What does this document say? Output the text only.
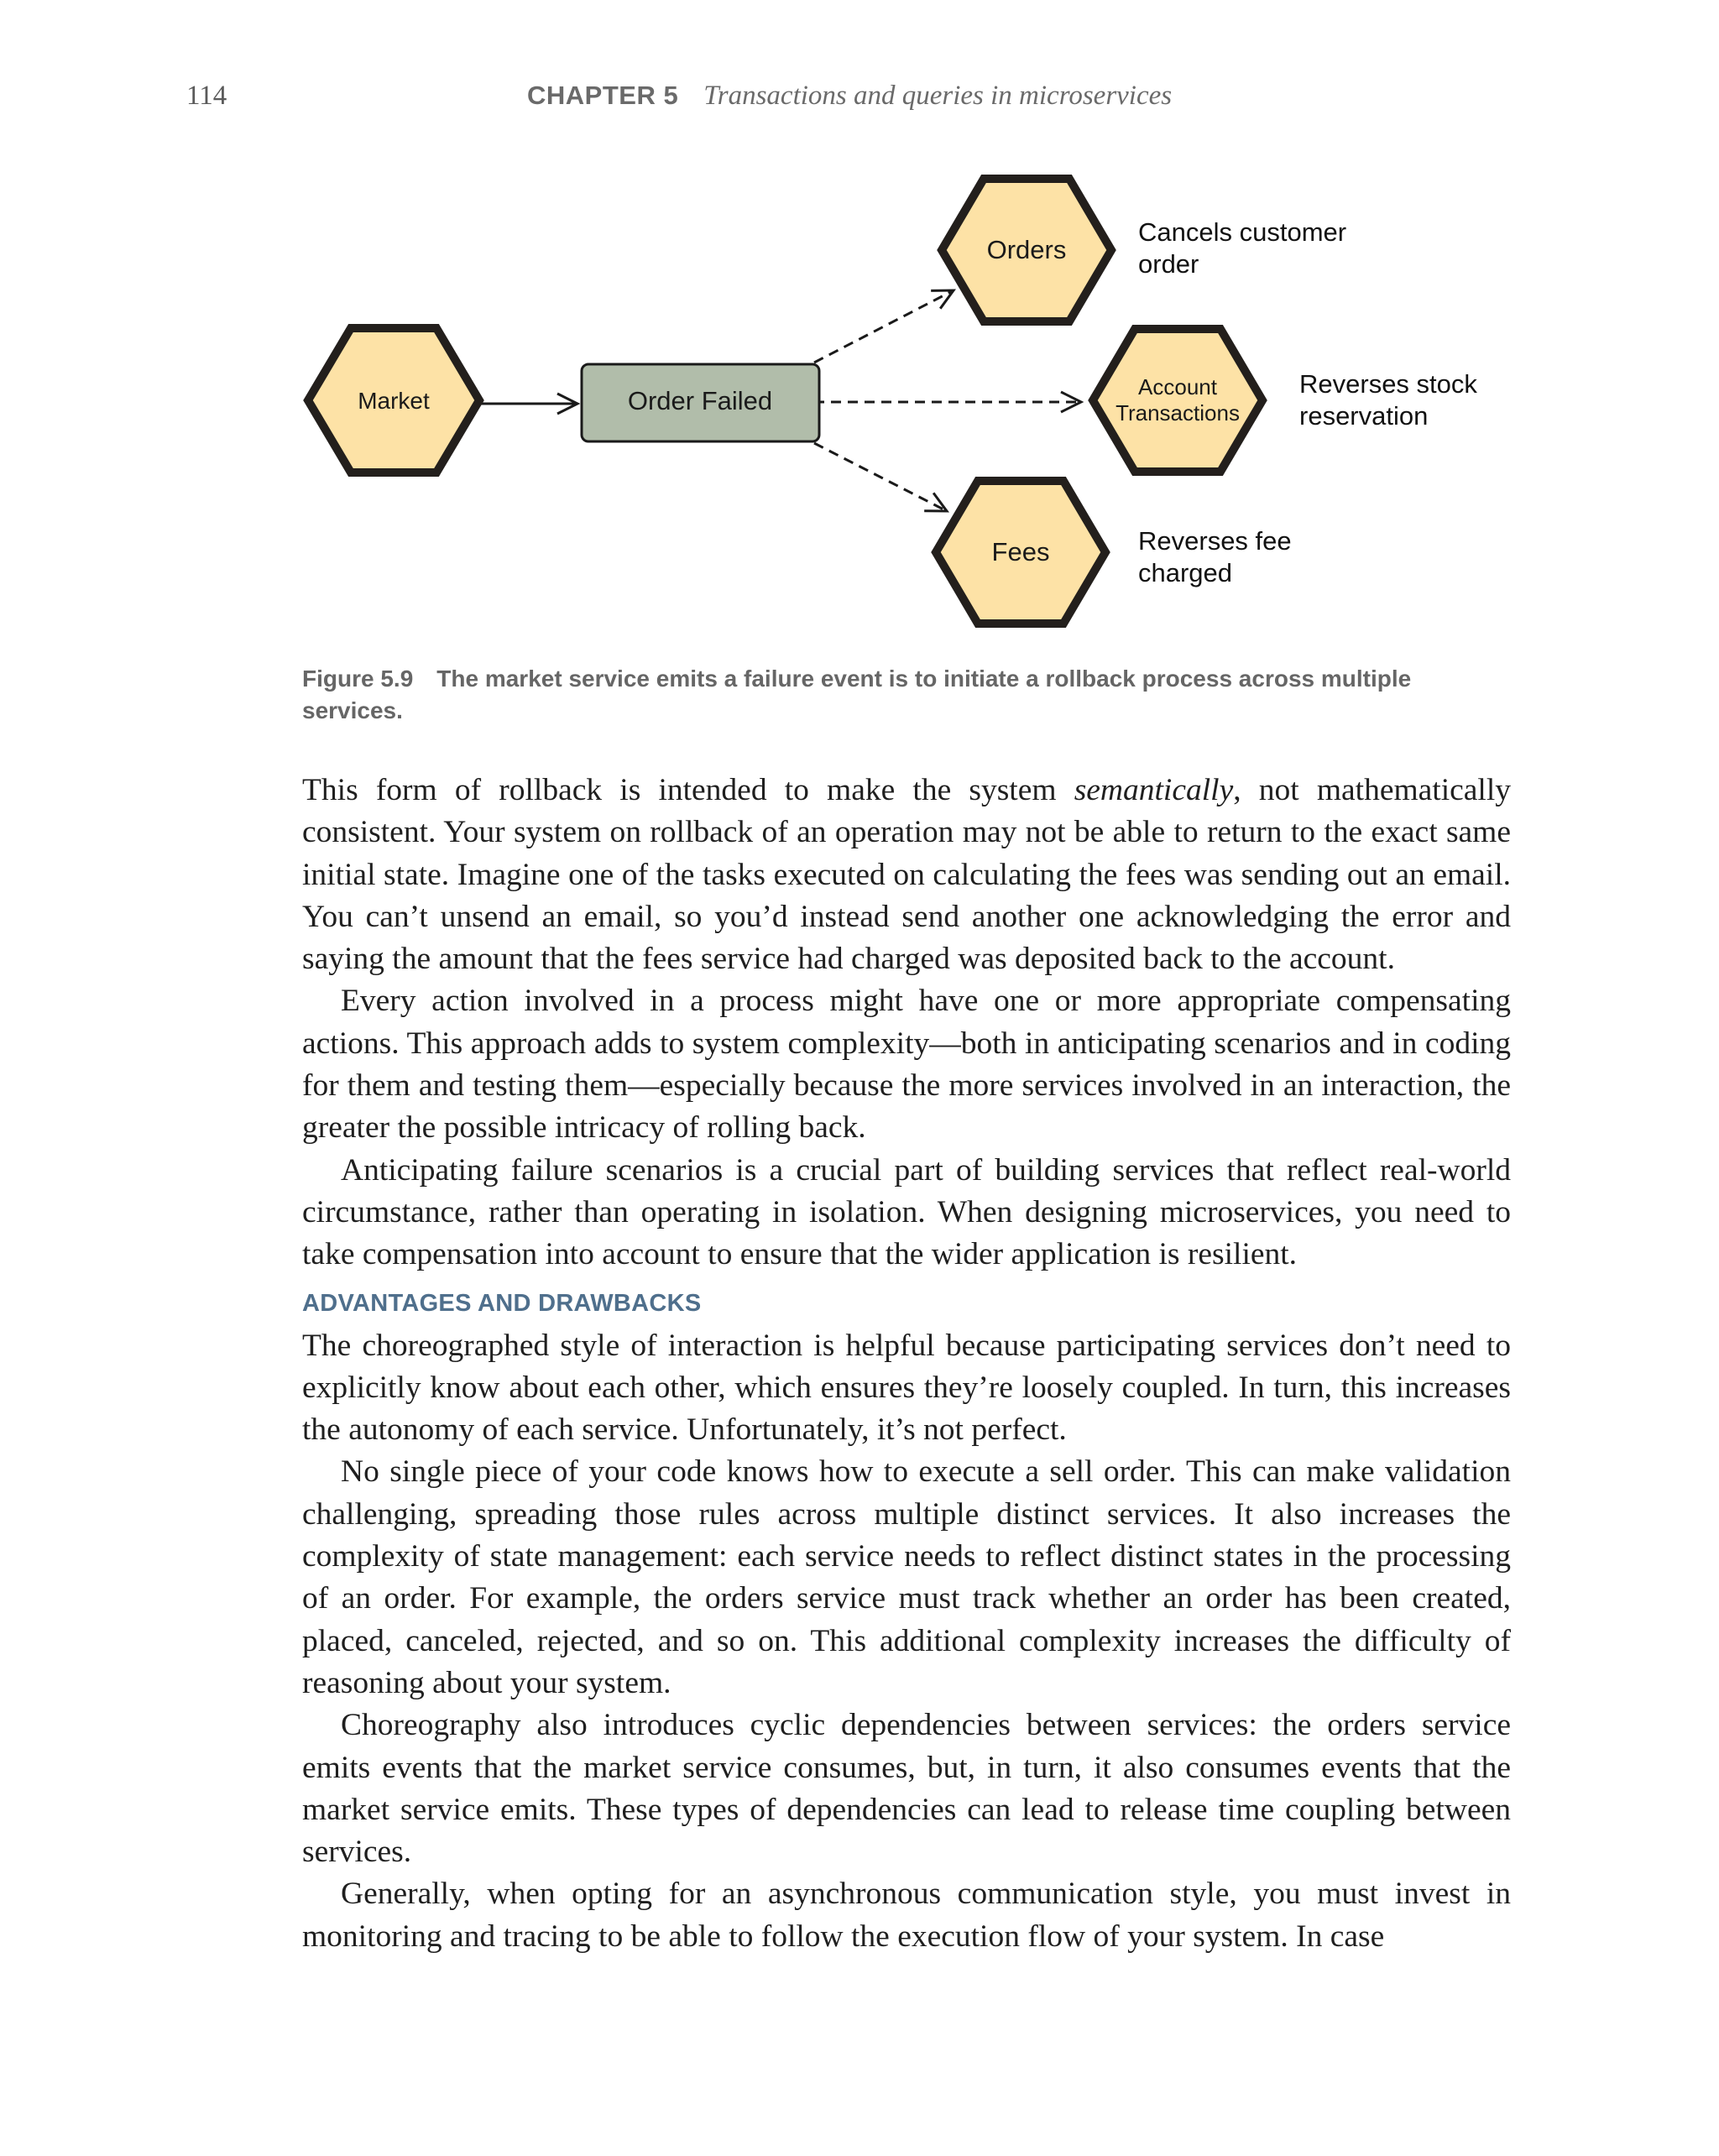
114	CHAPTER 5 Transactions and queries in microservices
Market	Order Failed
Orders
Account
Transactions
Fees
Cancels customer
order
Reverses stock
reservation
Reverses fee
charged
Figure 5.9 The market service emits a failure event is to initiate a rollback process across multiple services.

This form of rollback is intended to make the system semantically, not mathematically consistent. Your system on rollback of an operation may not be able to return to the exact same initial state. Imagine one of the tasks executed on calculating the fees was sending out an email. You can’t unsend an email, so you’d instead send another one acknowledging the error and saying the amount that the fees service had charged was deposited back to the account.

Every action involved in a process might have one or more appropriate compensating actions. This approach adds to system complexity—both in anticipating scenarios and in coding for them and testing them—especially because the more services involved in an interaction, the greater the possible intricacy of rolling back.

Anticipating failure scenarios is a crucial part of building services that reflect real-world circumstance, rather than operating in isolation. When designing microservices, you need to take compensation into account to ensure that the wider application is resilient.

ADVANTAGES AND DRAWBACKS

The choreographed style of interaction is helpful because participating services don’t need to explicitly know about each other, which ensures they’re loosely coupled. In turn, this increases the autonomy of each service. Unfortunately, it’s not perfect.

No single piece of your code knows how to execute a sell order. This can make validation challenging, spreading those rules across multiple distinct services. It also increases the complexity of state management: each service needs to reflect distinct states in the processing of an order. For example, the orders service must track whether an order has been created, placed, canceled, rejected, and so on. This additional complexity increases the difficulty of reasoning about your system.

Choreography also introduces cyclic dependencies between services: the orders service emits events that the market service consumes, but, in turn, it also consumes events that the market service emits. These types of dependencies can lead to release time coupling between services.

Generally, when opting for an asynchronous communication style, you must invest in monitoring and tracing to be able to follow the execution flow of your system. In case
